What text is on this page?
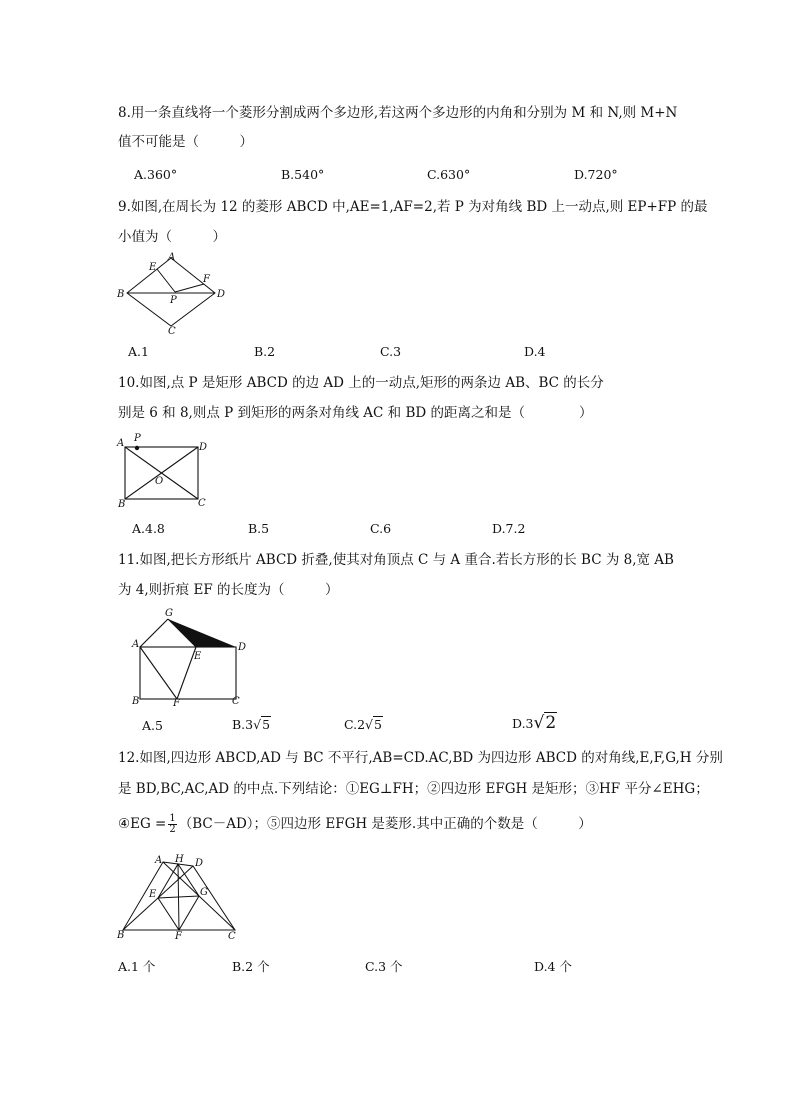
8.用一条直线将一个菱形分割成两个多边形,若这两个多边形的内角和分别为 M 和 N,则 M+N
值不可能是（　　　）
A.360°	B.540°	C.630°	D.720°
9.如图,在周长为 12 的菱形 ABCD 中,AE=1,AF=2,若 P 为对角线 BD 上一动点,则 EP+FP 的最
小值为（　　　）
A
E
F
B
P
D
C
A.1	B.2	C.3	D.4
10.如图,点 P 是矩形 ABCD 的边 AD 上的一动点,矩形的两条边 AB、BC 的长分
别是 6 和 8,则点 P 到矩形的两条对角线 AC 和 BD 的距离之和是（　　　　）
A P
D
O
B	C
A.4.8	B.5	C.6	D.7.2
11.如图,把长方形纸片 ABCD 折叠,使其对角顶点 C 与 A 重合.若长方形的长 BC 为 8,宽 AB
为 4,则折痕 EF 的长度为（　　　）
G
A
E
D
B	F	C
A.5	B.3√5	C.2√5	D.3√2
12.如图,四边形 ABCD,AD 与 BC 不平行,AB=CD.AC,BD 为四边形 ABCD 的对角线,E,F,G,H 分别
是 BD,BC,AC,AD 的中点.下列结论：①EG⊥FH；②四边形 EFGH 是矩形；③HF 平分∠EHG；
④EG = $\frac{1}{2} (BC-AD)$；⑤四边形 EFGH 是菱形.其中正确的个数是（　　　）
A H D
E	G
B	F	C
A.1 个	B.2 个	C.3 个	D.4 个
